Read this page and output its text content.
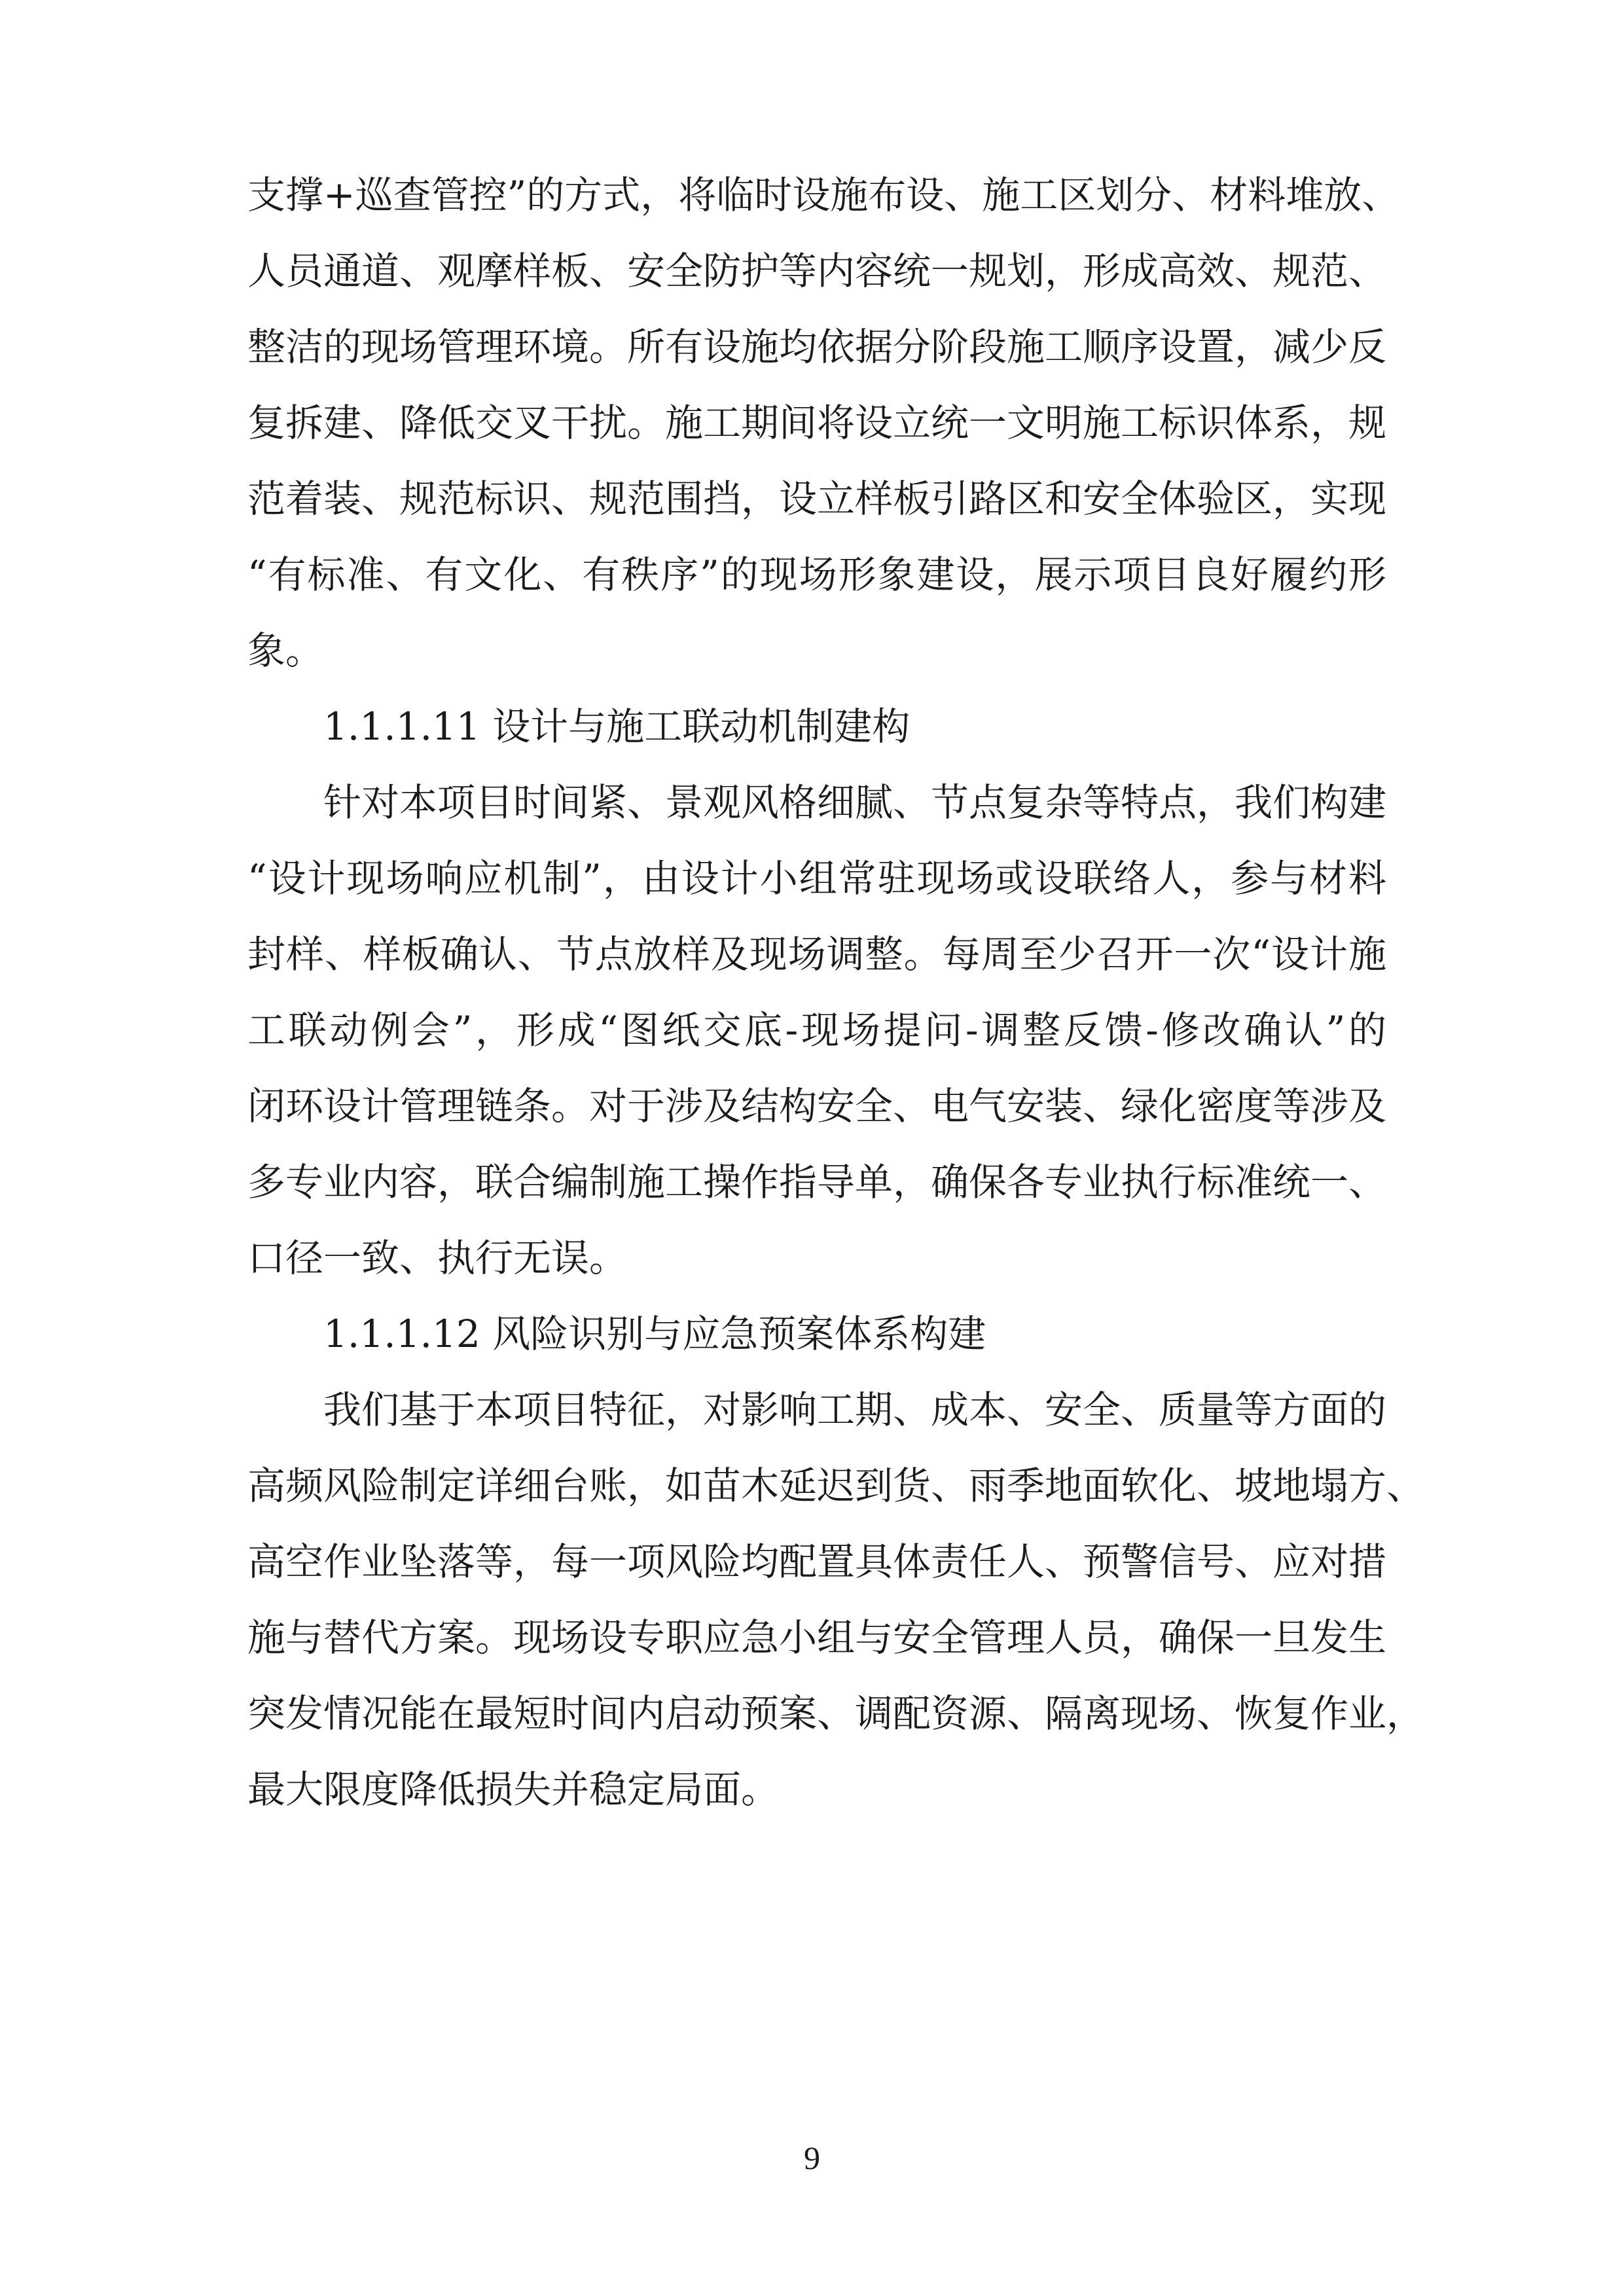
支撑+巡查管控”的方式，将临时设施布设、施工区划分、材料堆放、
人员通道、观摩样板、安全防护等内容统一规划，形成高效、规范、
整洁的现场管理环境。所有设施均依据分阶段施工顺序设置，减少反
复拆建、降低交叉干扰。施工期间将设立统一文明施工标识体系，规
范着装、规范标识、规范围挡，设立样板引路区和安全体验区，实现
“有标准、有文化、有秩序”的现场形象建设，展示项目良好履约形
象。
1.1.1.11 设计与施工联动机制建构
针对本项目时间紧、景观风格细腻、节点复杂等特点，我们构建
“设计现场响应机制”，由设计小组常驻现场或设联络人，参与材料
封样、样板确认、节点放样及现场调整。每周至少召开一次“设计施
工联动例会”，形成“图纸交底-现场提问-调整反馈-修改确认”的
闭环设计管理链条。对于涉及结构安全、电气安装、绿化密度等涉及
多专业内容，联合编制施工操作指导单，确保各专业执行标准统一、
口径一致、执行无误。
1.1.1.12 风险识别与应急预案体系构建
我们基于本项目特征，对影响工期、成本、安全、质量等方面的
高频风险制定详细台账，如苗木延迟到货、雨季地面软化、坡地塌方、
高空作业坠落等，每一项风险均配置具体责任人、预警信号、应对措
施与替代方案。现场设专职应急小组与安全管理人员，确保一旦发生
突发情况能在最短时间内启动预案、调配资源、隔离现场、恢复作业，
最大限度降低损失并稳定局面。
9
